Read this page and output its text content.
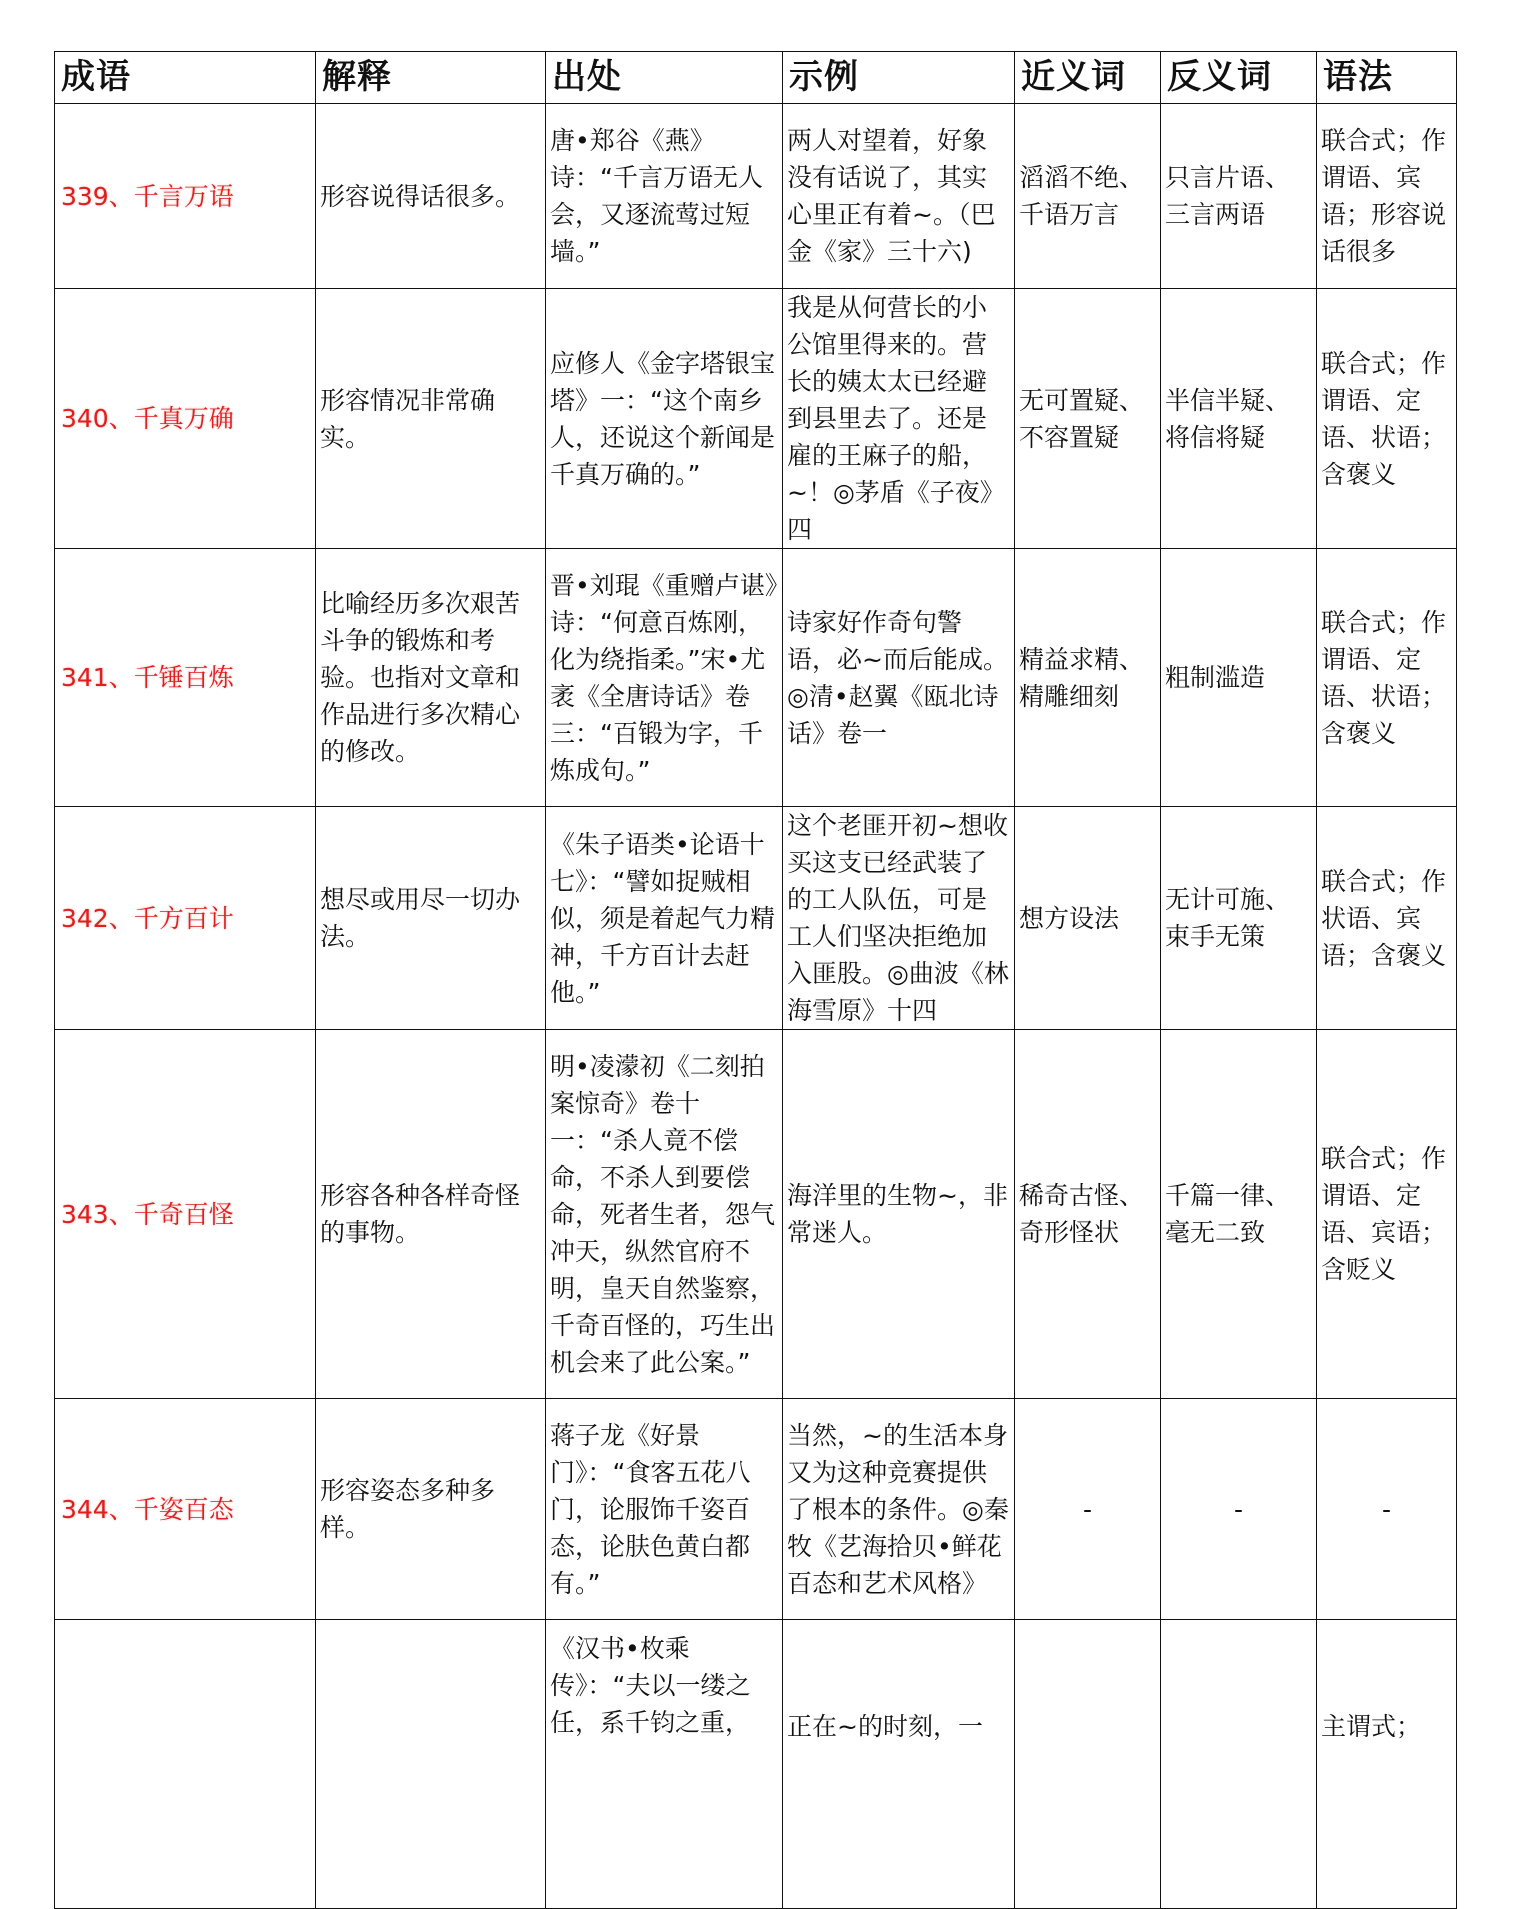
成语	解释	出处	示例	近义词	反义词	语法
339、千言万语	形容说得话很多。	唐•郑谷《燕》诗：“千言万语无人会，又逐流莺过短墙。”	两人对望着，好象没有话说了，其实心里正有着~。（巴金《家》三十六)	滔滔不绝、千语万言	只言片语、三言两语	联合式；作谓语、宾语；形容说话很多
340、千真万确	形容情况非常确实。	应修人《金字塔银宝塔》一：“这个南乡人，还说这个新闻是千真万确的。”	我是从何营长的小公馆里得来的。营长的姨太太已经避到县里去了。还是雇的王麻子的船，~！◎茅盾《子夜》四	无可置疑、不容置疑	半信半疑、将信将疑	联合式；作谓语、定语、状语；含褒义
341、千锤百炼	比喻经历多次艰苦斗争的锻炼和考验。也指对文章和作品进行多次精心的修改。	晋•刘琨《重赠卢谌》诗：“何意百炼刚，化为绕指柔。”宋•尤袤《全唐诗话》卷三：“百锻为字，千炼成句。”	诗家好作奇句警语，必~而后能成。◎清•赵翼《瓯北诗话》卷一	精益求精、精雕细刻	粗制滥造	联合式；作谓语、定语、状语；含褒义
342、千方百计	想尽或用尽一切办法。	《朱子语类•论语十七》：“譬如捉贼相似，须是着起气力精神，千方百计去赶他。”	这个老匪开初~想收买这支已经武装了的工人队伍，可是工人们坚决拒绝加入匪股。◎曲波《林海雪原》十四	想方设法	无计可施、束手无策	联合式；作状语、宾语；含褒义
343、千奇百怪	形容各种各样奇怪的事物。	明•凌濛初《二刻拍案惊奇》卷十一：“杀人竟不偿命，不杀人到要偿命，死者生者，怨气冲天，纵然官府不明，皇天自然鉴察，千奇百怪的，巧生出机会来了此公案。”	海洋里的生物~，非常迷人。	稀奇古怪、奇形怪状	千篇一律、毫无二致	联合式；作谓语、定语、宾语；含贬义
344、千姿百态	形容姿态多种多样。	蒋子龙《好景门》：“食客五花八门，论服饰千姿百态，论肤色黄白都有。”	当然，~的生活本身又为这种竞赛提供了根本的条件。◎秦牧《艺海拾贝•鲜花百态和艺术风格》	-	-	-
		《汉书•枚乘传》：“夫以一缕之任，系千钧之重，	正在~的时刻，一			主谓式；
